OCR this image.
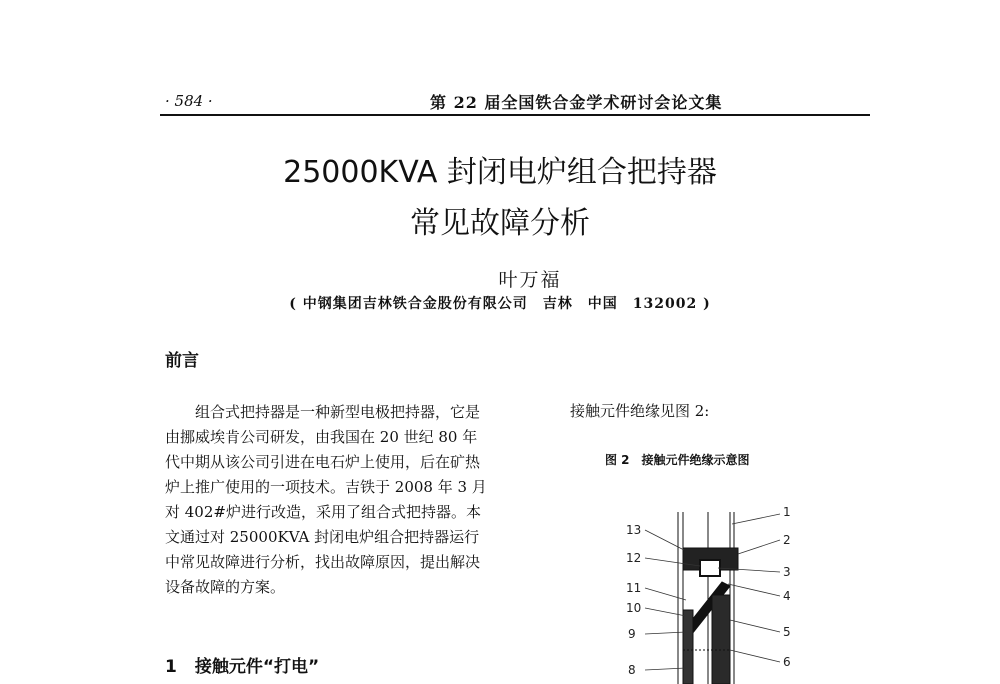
· 584 ·	第 22 届全国铁合金学术研讨会论文集
25000KVA 封闭电炉组合把持器
常见故障分析
叶万福
( 中钢集团吉林铁合金股份有限公司　吉林　中国　132002 )
前言

　　组合式把持器是一种新型电极把持器，它是由挪威埃肯公司研发，由我国在 20 世纪 80 年代中期从该公司引进在电石炉上使用，后在矿热炉上推广使用的一项技术。吉铁于 2008 年 3 月对 402#炉进行改造，采用了组合式把持器。本文通过对 25000KVA 封闭电炉组合把持器运行中常见故障进行分析，找出故障原因，提出解决设备故障的方案。

1 接触元件“打电”
接触元件绝缘见图 2:
图 2　接触元件绝缘示意图
13
12
11
10
9
8
1
2
3
4
5
6
